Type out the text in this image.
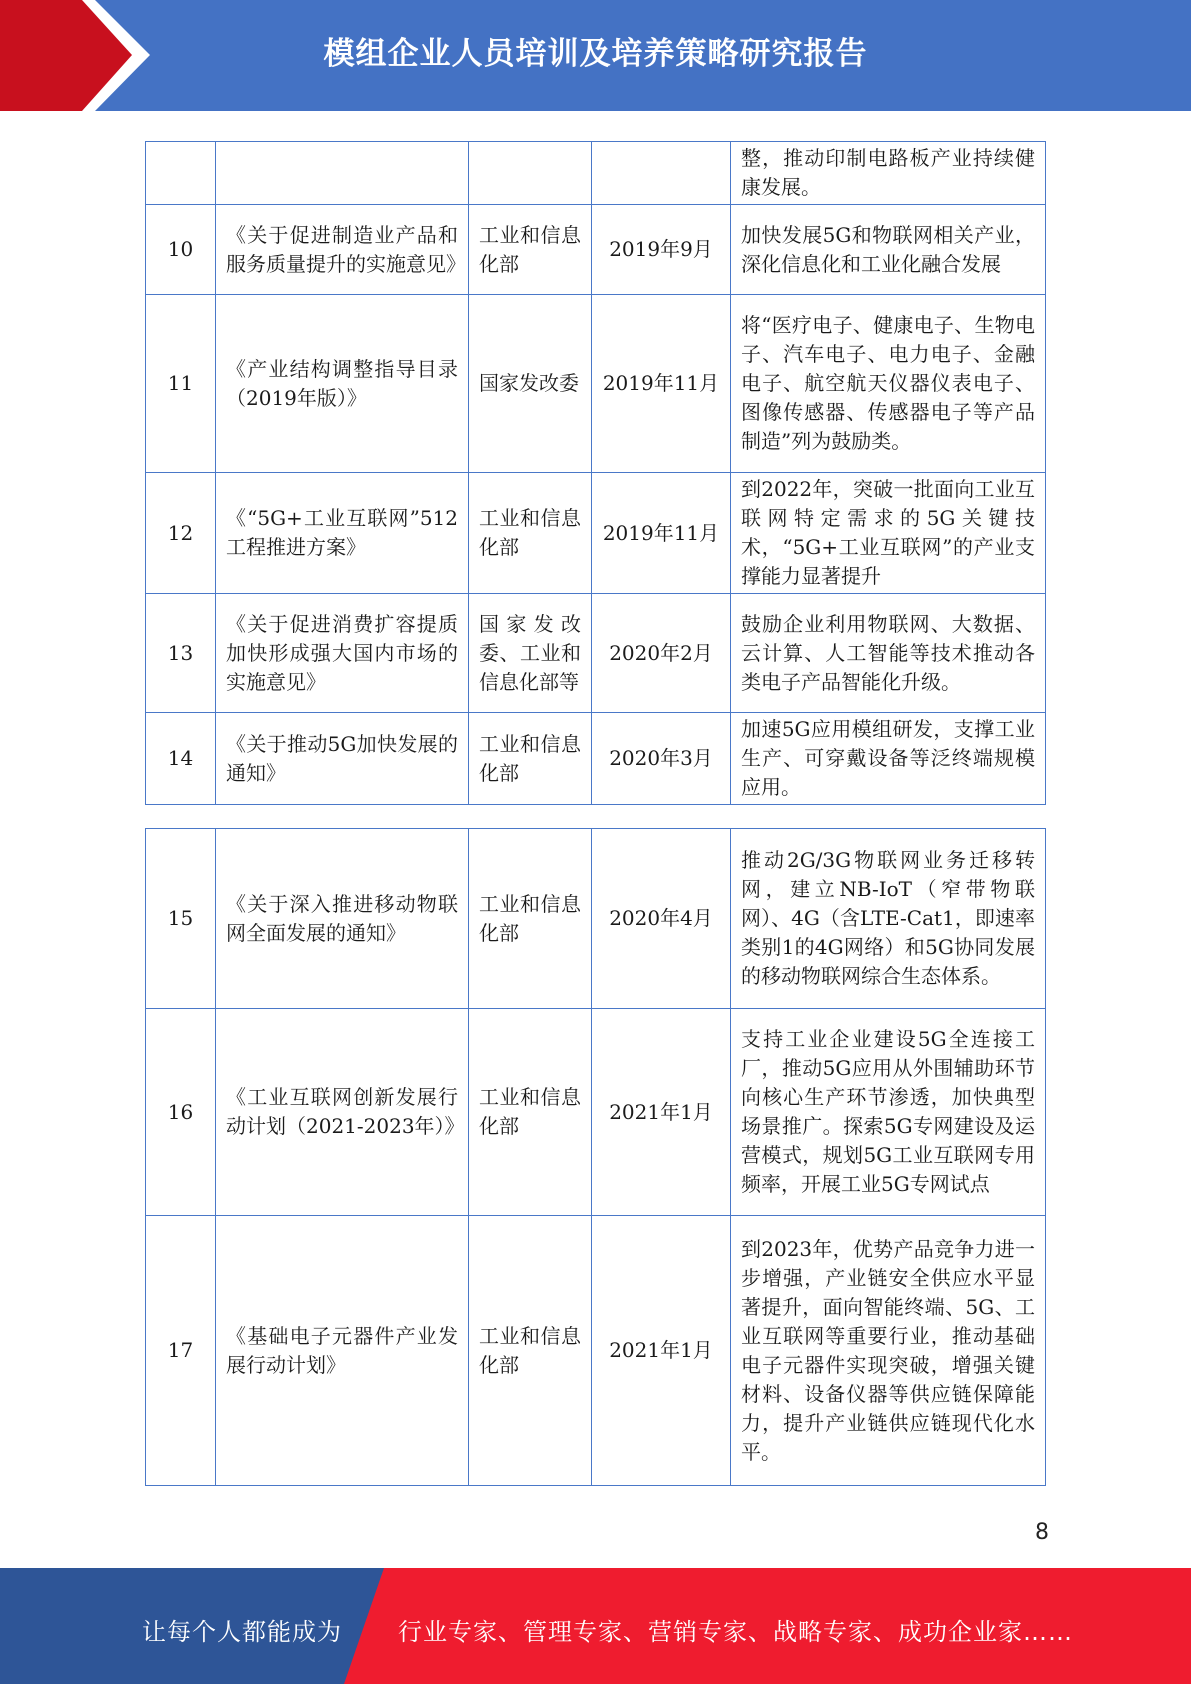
模组企业人员培训及培养策略研究报告
				整，推动印制电路板产业持续健康发展。
10	《关于促进制造业产品和服务质量提升的实施意见》	工业和信息化部	2019年9月	加快发展5G和物联网相关产业，深化信息化和工业化融合发展
11	《产业结构调整指导目录（2019年版）》	国家发改委	2019年11月	将“医疗电子、健康电子、生物电子、汽车电子、电力电子、金融电子、航空航天仪器仪表电子、图像传感器、传感器电子等产品制造”列为鼓励类。
12	《“5G+工业互联网”512工程推进方案》	工业和信息化部	2019年11月	到2022年，突破一批面向工业互联网特定需求的5G关键技术，“5G+工业互联网”的产业支撑能力显著提升
13	《关于促进消费扩容提质加快形成强大国内市场的实施意见》	国家发改委、工业和信息化部等	2020年2月	鼓励企业利用物联网、大数据、云计算、人工智能等技术推动各类电子产品智能化升级。
14	《关于推动5G加快发展的通知》	工业和信息化部	2020年3月	加速5G应用模组研发，支撑工业生产、可穿戴设备等泛终端规模应用。
15	《关于深入推进移动物联网全面发展的通知》	工业和信息化部	2020年4月	推动2G/3G物联网业务迁移转网，建立NB-IoT（窄带物联网）、4G（含LTE-Cat1，即速率类别1的4G网络）和5G协同发展的移动物联网综合生态体系。
16	《工业互联网创新发展行动计划（2021-2023年）》	工业和信息化部	2021年1月	支持工业企业建设5G全连接工厂，推动5G应用从外围辅助环节向核心生产环节渗透，加快典型场景推广。探索5G专网建设及运营模式，规划5G工业互联网专用频率，开展工业5G专网试点
17	《基础电子元器件产业发展行动计划》	工业和信息化部	2021年1月	到2023年，优势产品竞争力进一步增强，产业链安全供应水平显著提升，面向智能终端、5G、工业互联网等重要行业，推动基础电子元器件实现突破，增强关键材料、设备仪器等供应链保障能力，提升产业链供应链现代化水平。
8
让每个人都能成为 行业专家、管理专家、营销专家、战略专家、成功企业家……
